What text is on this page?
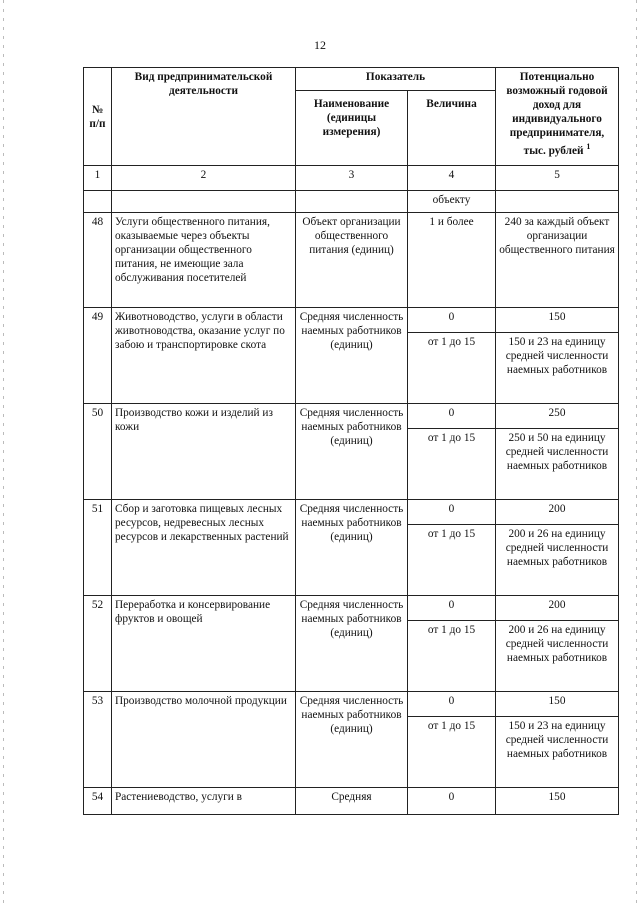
12
№ п/п	Вид предпринимательской деятельности	Показатель		Потенциально возможный годовой доход для индивидуального предпринимателя, тыс. рублей $^1$
		Наименование (единицы измерения)	Величина	
1	2	3	4	5
			объекту	
48	Услуги общественного питания, оказываемые через объекты организации общественного питания, не имеющие зала обслуживания посетителей	Объект организации общественного питания (единиц)	1 и более	240 за каждый объект организации общественного питания
49	Животноводство, услуги в области животноводства, оказание услуг по забою и транспортировке скота	Средняя численность наемных работников (единиц)	0	150
			от 1 до 15	150 и 23 на единицу средней численности наемных работников
50	Производство кожи и изделий из кожи	Средняя численность наемных работников (единиц)	0	250
			от 1 до 15	250 и 50 на единицу средней численности наемных работников
51	Сбор и заготовка пищевых лесных ресурсов, недревесных лесных ресурсов и лекарственных растений	Средняя численность наемных работников (единиц)	0	200
			от 1 до 15	200 и 26 на единицу средней численности наемных работников
52	Переработка и консервирование фруктов и овощей	Средняя численность наемных работников (единиц)	0	200
			от 1 до 15	200 и 26 на единицу средней численности наемных работников
53	Производство молочной продукции	Средняя численность наемных работников (единиц)	0	150
			от 1 до 15	150 и 23 на единицу средней численности наемных работников
54	Растениеводство, услуги в	Средняя	0	150
